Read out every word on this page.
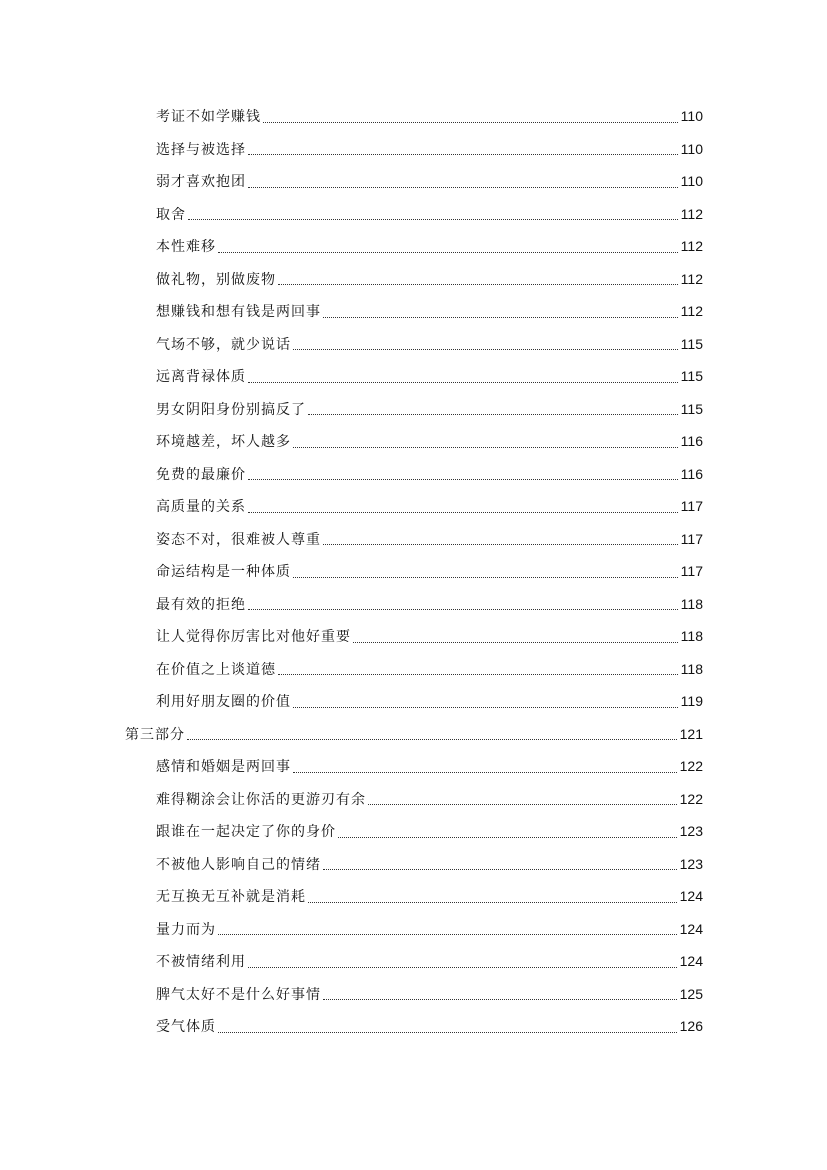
考证不如学赚钱	110
选择与被选择	110
弱才喜欢抱团	110
取舍	112
本性难移	112
做礼物，别做废物	112
想赚钱和想有钱是两回事	112
气场不够，就少说话	115
远离背禄体质	115
男女阴阳身份别搞反了	115
环境越差，坏人越多	116
免费的最廉价	116
高质量的关系	117
姿态不对，很难被人尊重	117
命运结构是一种体质	117
最有效的拒绝	118
让人觉得你厉害比对他好重要	118
在价值之上谈道德	118
利用好朋友圈的价值	119
第三部分	121
感情和婚姻是两回事	122
难得糊涂会让你活的更游刃有余	122
跟谁在一起决定了你的身价	123
不被他人影响自己的情绪	123
无互换无互补就是消耗	124
量力而为	124
不被情绪利用	124
脾气太好不是什么好事情	125
受气体质	126
